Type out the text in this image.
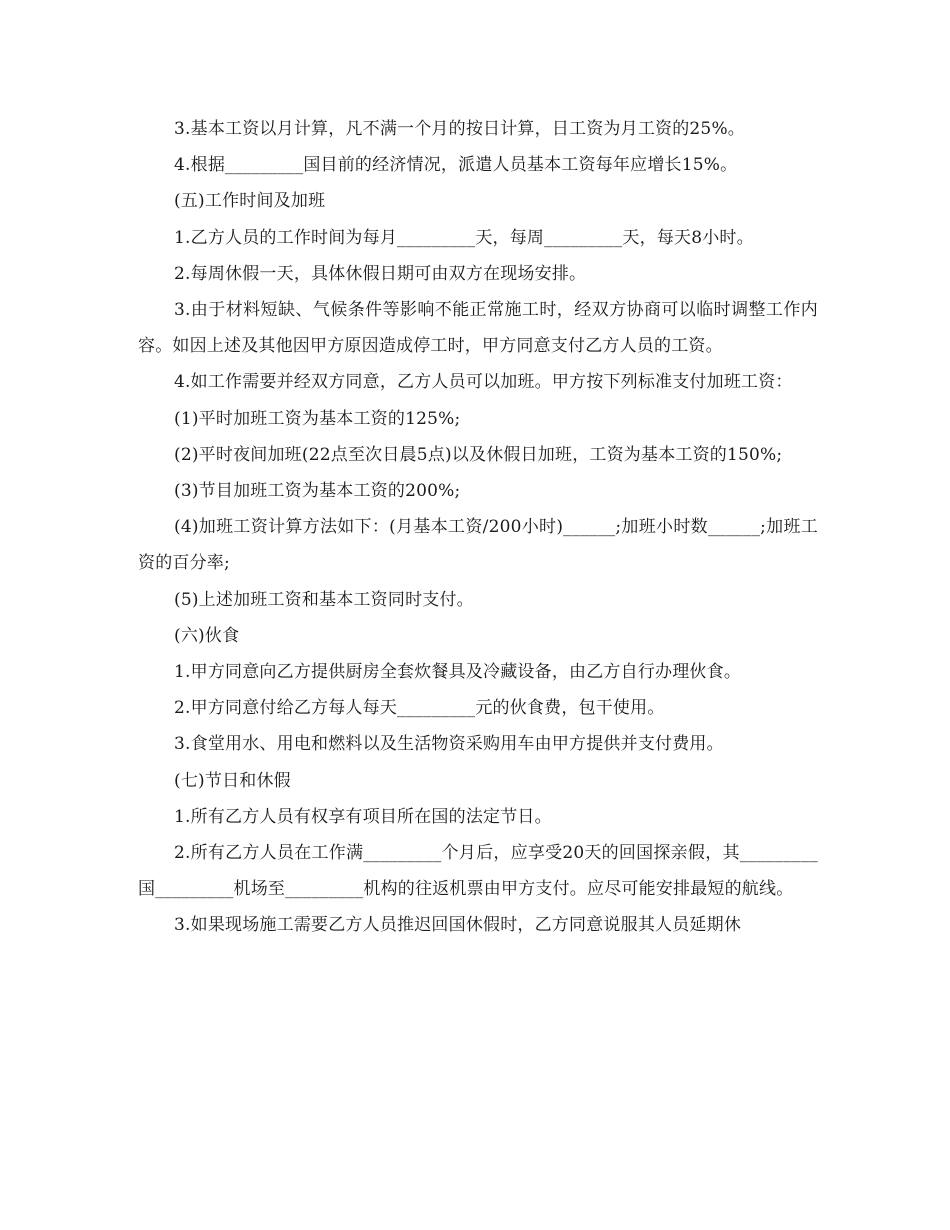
3.基本工资以月计算，凡不满一个月的按日计算，日工资为月工资的25%。

4.根据_________国目前的经济情况，派遣人员基本工资每年应增长15%。

(五)工作时间及加班

1.乙方人员的工作时间为每月_________天，每周_________天，每天8小时。

2.每周休假一天，具体休假日期可由双方在现场安排。

3.由于材料短缺、气候条件等影响不能正常施工时，经双方协商可以临时调整工作内容。如因上述及其他因甲方原因造成停工时，甲方同意支付乙方人员的工资。

4.如工作需要并经双方同意，乙方人员可以加班。甲方按下列标准支付加班工资：

(1)平时加班工资为基本工资的125%;

(2)平时夜间加班(22点至次日晨5点)以及休假日加班，工资为基本工资的150%;

(3)节目加班工资为基本工资的200%;

(4)加班工资计算方法如下：(月基本工资/200小时)______;加班小时数______;加班工资的百分率;

(5)上述加班工资和基本工资同时支付。

(六)伙食

1.甲方同意向乙方提供厨房全套炊餐具及冷藏设备，由乙方自行办理伙食。

2.甲方同意付给乙方每人每天_________元的伙食费，包干使用。

3.食堂用水、用电和燃料以及生活物资采购用车由甲方提供并支付费用。

(七)节日和休假

1.所有乙方人员有权享有项目所在国的法定节日。

2.所有乙方人员在工作满_________个月后，应享受20天的回国探亲假，其_________国_________机场至_________机构的往返机票由甲方支付。应尽可能安排最短的航线。

3.如果现场施工需要乙方人员推迟回国休假时，乙方同意说服其人员延期休
